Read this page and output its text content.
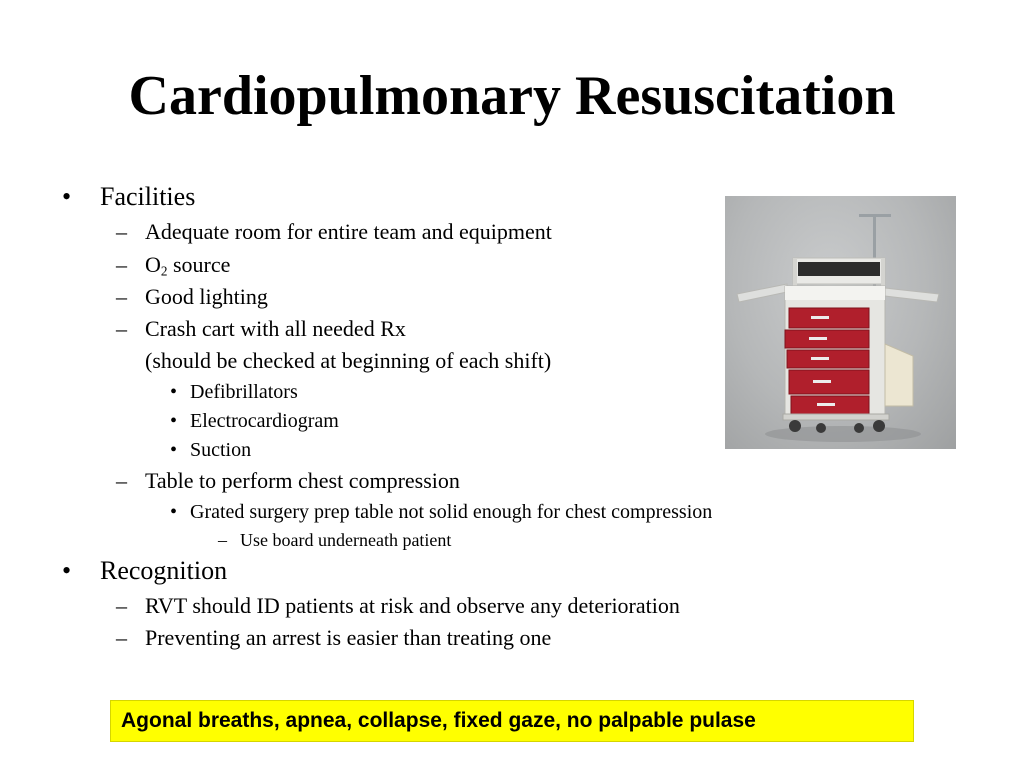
Cardiopulmonary Resuscitation
• Facilities
– Adequate room for entire team and equipment
– $O_2$ source
– Good lighting
– Crash cart with all needed Rx
(should be checked at beginning of each shift)
• Defibrillators
• Electrocardiogram
• Suction
– Table to perform chest compression
• Grated surgery prep table not solid enough for chest compression
– Use board underneath patient
• Recognition
– RVT should ID patients at risk and observe any deterioration
– Preventing an arrest is easier than treating one
Agonal breaths, apnea, collapse, fixed gaze, no palpable pulase
